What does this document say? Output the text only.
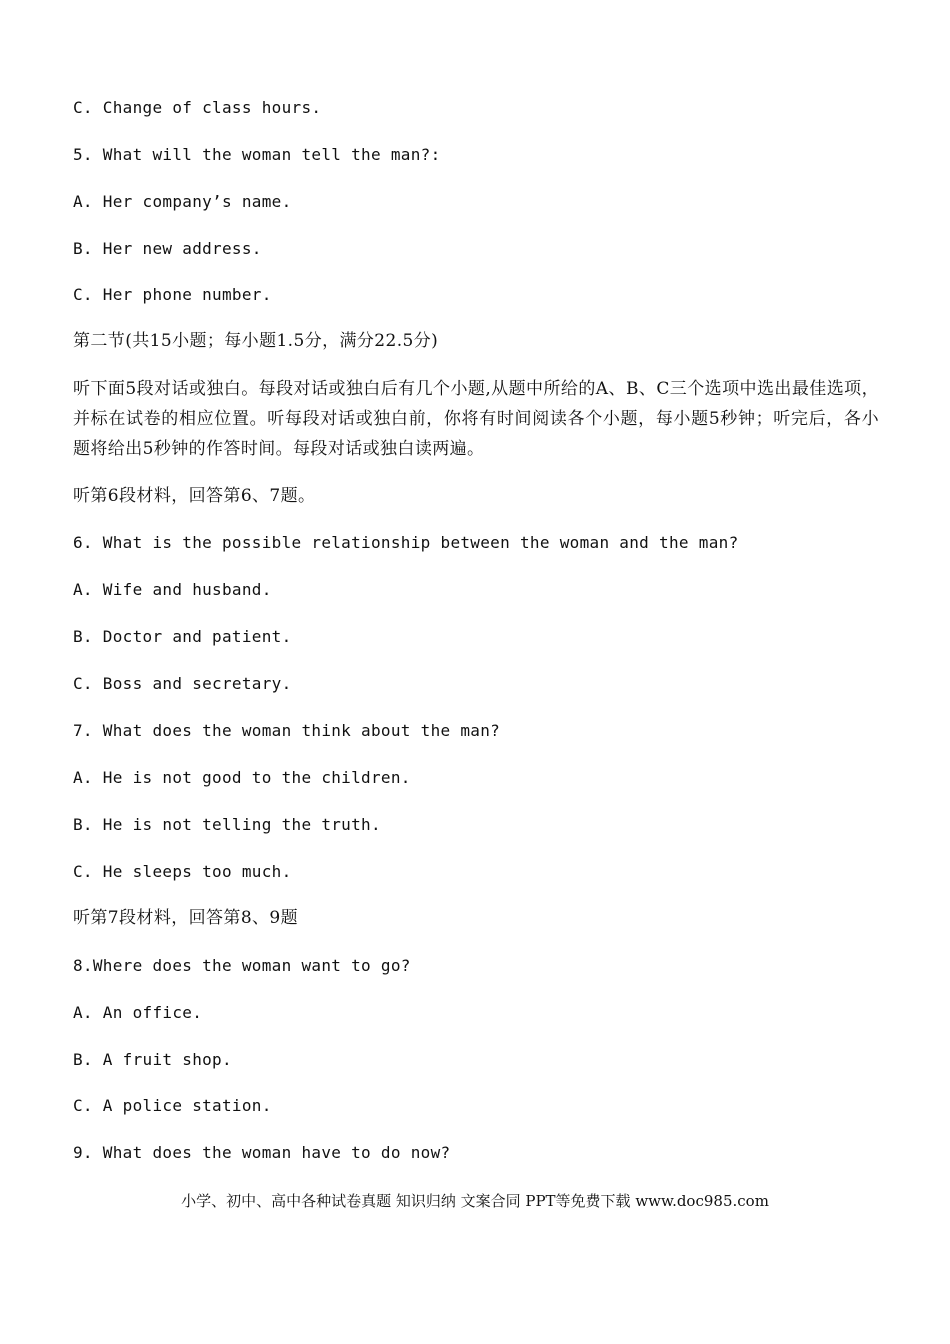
C. Change of class hours.
5. What will the woman tell the man?:
A. Her company’s name.
B. Her new address.
C. Her phone number.
第二节(共15小题；每小题1.5分，满分22.5分)
听下面5段对话或独白。每段对话或独白后有几个小题,从题中所给的A、B、C三个选项中选出最佳选项，并标在试卷的相应位置。听每段对话或独白前，你将有时间阅读各个小题，每小题5秒钟；听完后，各小题将给出5秒钟的作答时间。每段对话或独白读两遍。
听第6段材料，回答第6、7题。
6. What is the possible relationship between the woman and the man?
A. Wife and husband.
B. Doctor and patient.
C. Boss and secretary.
7. What does the woman think about the man?
A. He is not good to the children.
B. He is not telling the truth.
C. He sleeps too much.
听第7段材料，回答第8、9题
8.Where does the woman want to go?
A. An office.
B. A fruit shop.
C. A police station.
9. What does the woman have to do now?
小学、初中、高中各种试卷真题 知识归纳 文案合同 PPT等免费下载 www.doc985.com
